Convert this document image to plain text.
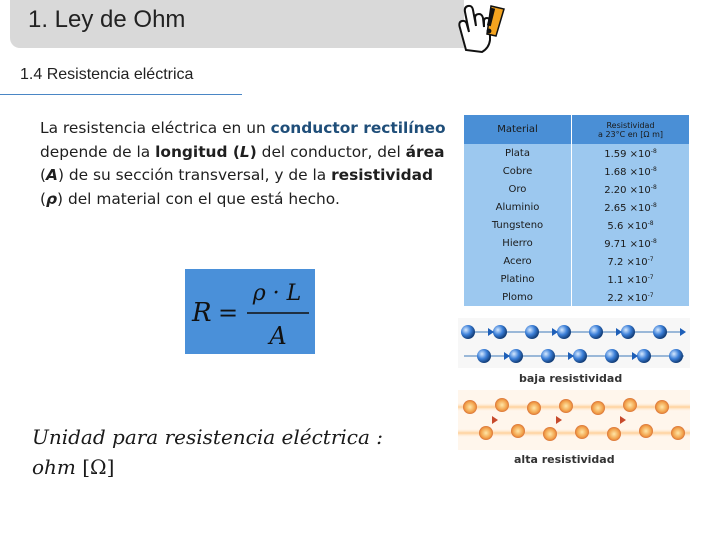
1. Ley de Ohm
1.4 Resistencia eléctrica
La resistencia eléctrica en un conductor rectilíneo depende de la longitud (L) del conductor, del área (A) de su sección transversal, y de la resistividad (ρ) del material con el que está hecho.
R =
ρ · L
A
Unidad para resistencia eléctrica :
ohm [Ω]
Material	Resistividad
a 23°C en [Ω m]
Plata	$1.59 \times 10^{-8}$
Cobre	$1.68 \times 10^{-8}$
Oro	$2.20 \times 10^{-8}$
Aluminio	$2.65 \times 10^{-8}$
Tungsteno	$5.6 \times 10^{-8}$
Hierro	$9.71 \times 10^{-8}$
Acero	$7.2 \times 10^{-7}$
Platino	$1.1 \times 10^{-7}$
Plomo	$2.2 \times 10^{-7}$
baja resistividad
alta resistividad
